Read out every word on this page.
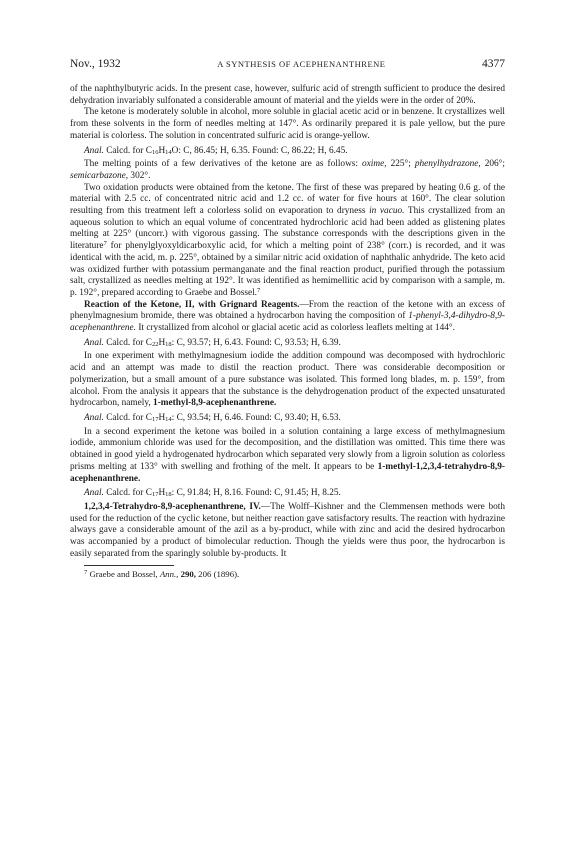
Nov., 1932	A SYNTHESIS OF ACEPHENANTHRENE	4377

of the naphthylbutyric acids. In the present case, however, sulfuric acid of strength sufficient to produce the desired dehydration invariably sulfonated a considerable amount of material and the yields were in the order of 20%.

The ketone is moderately soluble in alcohol, more soluble in glacial acetic acid or in benzene. It crystallizes well from these solvents in the form of needles melting at 147°. As ordinarily prepared it is pale yellow, but the pure material is colorless. The solution in concentrated sulfuric acid is orange-yellow.

Anal. Calcd. for $C_{16}H_{14}O$: C, 86.45; H, 6.35. Found: C, 86.22; H, 6.45.

The melting points of a few derivatives of the ketone are as follows: oxime, 225°; phenylhydrazone, 206°; semicarbazone, 302°.

Two oxidation products were obtained from the ketone. The first of these was prepared by heating 0.6 g. of the material with 2.5 cc. of concentrated nitric acid and 1.2 cc. of water for five hours at 160°. The clear solution resulting from this treatment left a colorless solid on evaporation to dryness in vacuo. This crystallized from an aqueous solution to which an equal volume of concentrated hydrochloric acid had been added as glistening plates melting at 225° (uncorr.) with vigorous gassing. The substance corresponds with the descriptions given in the literature$^7$ for phenylglyoxyldicarboxylic acid, for which a melting point of 238° (corr.) is recorded, and it was identical with the acid, m. p. 225°, obtained by a similar nitric acid oxidation of naphthalic anhydride. The keto acid was oxidized further with potassium permanganate and the final reaction product, purified through the potassium salt, crystallized as needles melting at 192°. It was identified as hemimellitic acid by comparison with a sample, m. p. 192°, prepared according to Graebe and Bossel.$^7$

Reaction of the Ketone, II, with Grignard Reagents.—From the reaction of the ketone with an excess of phenylmagnesium bromide, there was obtained a hydrocarbon having the composition of 1-phenyl-3,4-dihydro-8,9-acephenanthrene. It crystallized from alcohol or glacial acetic acid as colorless leaflets melting at 144°.

Anal. Calcd. for $C_{22}H_{18}$: C, 93.57; H, 6.43. Found: C, 93.53; H, 6.39.

In one experiment with methylmagnesium iodide the addition compound was decomposed with hydrochloric acid and an attempt was made to distil the reaction product. There was considerable decomposition or polymerization, but a small amount of a pure substance was isolated. This formed long blades, m. p. 159°, from alcohol. From the analysis it appears that the substance is the dehydrogenation product of the expected unsaturated hydrocarbon, namely, 1-methyl-8,9-acephenanthrene.

Anal. Calcd. for $C_{17}H_{14}$: C, 93.54; H, 6.46. Found: C, 93.40; H, 6.53.

In a second experiment the ketone was boiled in a solution containing a large excess of methylmagnesium iodide, ammonium chloride was used for the decomposition, and the distillation was omitted. This time there was obtained in good yield a hydrogenated hydrocarbon which separated very slowly from a ligroin solution as colorless prisms melting at 133° with swelling and frothing of the melt. It appears to be 1-methyl-1,2,3,4-tetrahydro-8,9-acephenanthrene.

Anal. Calcd. for $C_{17}H_{18}$: C, 91.84; H, 8.16. Found: C, 91.45; H, 8.25.

1,2,3,4-Tetrahydro-8,9-acephenanthrene, IV.—The Wolff–Kishner and the Clemmensen methods were both used for the reduction of the cyclic ketone, but neither reaction gave satisfactory results. The reaction with hydrazine always gave a considerable amount of the azil as a by-product, while with zinc and acid the desired hydrocarbon was accompanied by a product of bimolecular reduction. Though the yields were thus poor, the hydrocarbon is easily separated from the sparingly soluble by-products. It

$^7$ Graebe and Bossel, Ann., 290, 206 (1896).
